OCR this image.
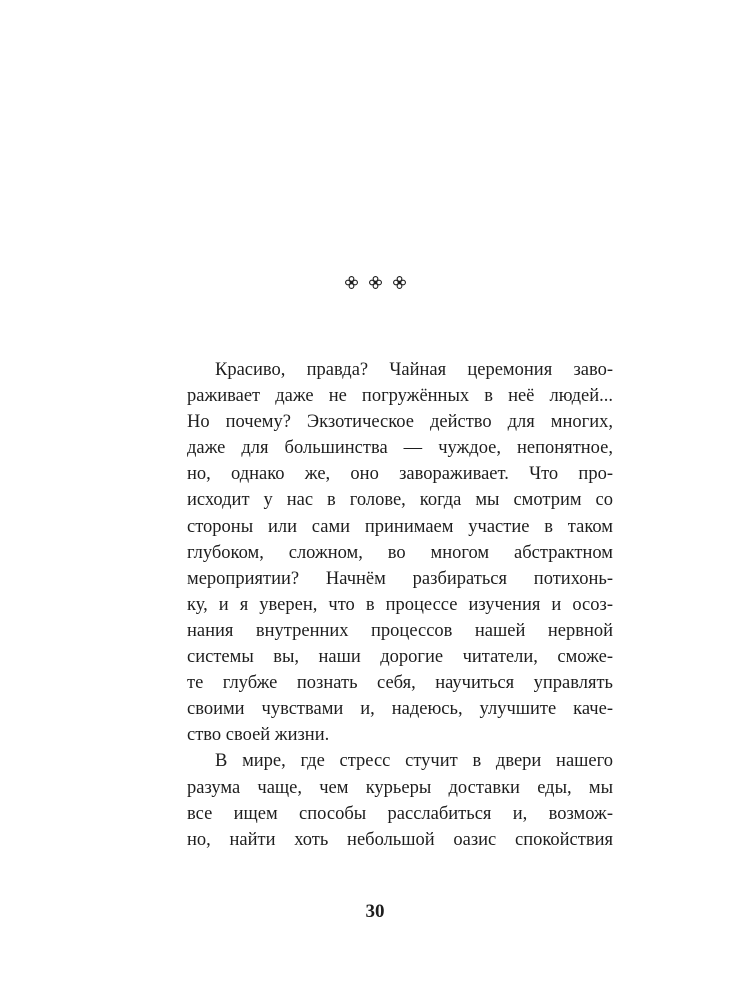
Красиво, правда? Чайная церемония заво-
раживает даже не погружённых в неё людей...
Но почему? Экзотическое действо для многих,
даже для большинства — чуждое, непонятное,
но, однако же, оно завораживает. Что про-
исходит у нас в голове, когда мы смотрим со
стороны или сами принимаем участие в таком
глубоком, сложном, во многом абстрактном
мероприятии? Начнём разбираться потихонь-
ку, и я уверен, что в процессе изучения и осоз-
нания внутренних процессов нашей нервной
системы вы, наши дорогие читатели, сможе-
те глубже познать себя, научиться управлять
своими чувствами и, надеюсь, улучшите каче-
ство своей жизни.
В мире, где стресс стучит в двери нашего
разума чаще, чем курьеры доставки еды, мы
все ищем способы расслабиться и, возмож-
но, найти хоть небольшой оазис спокойствия
30
